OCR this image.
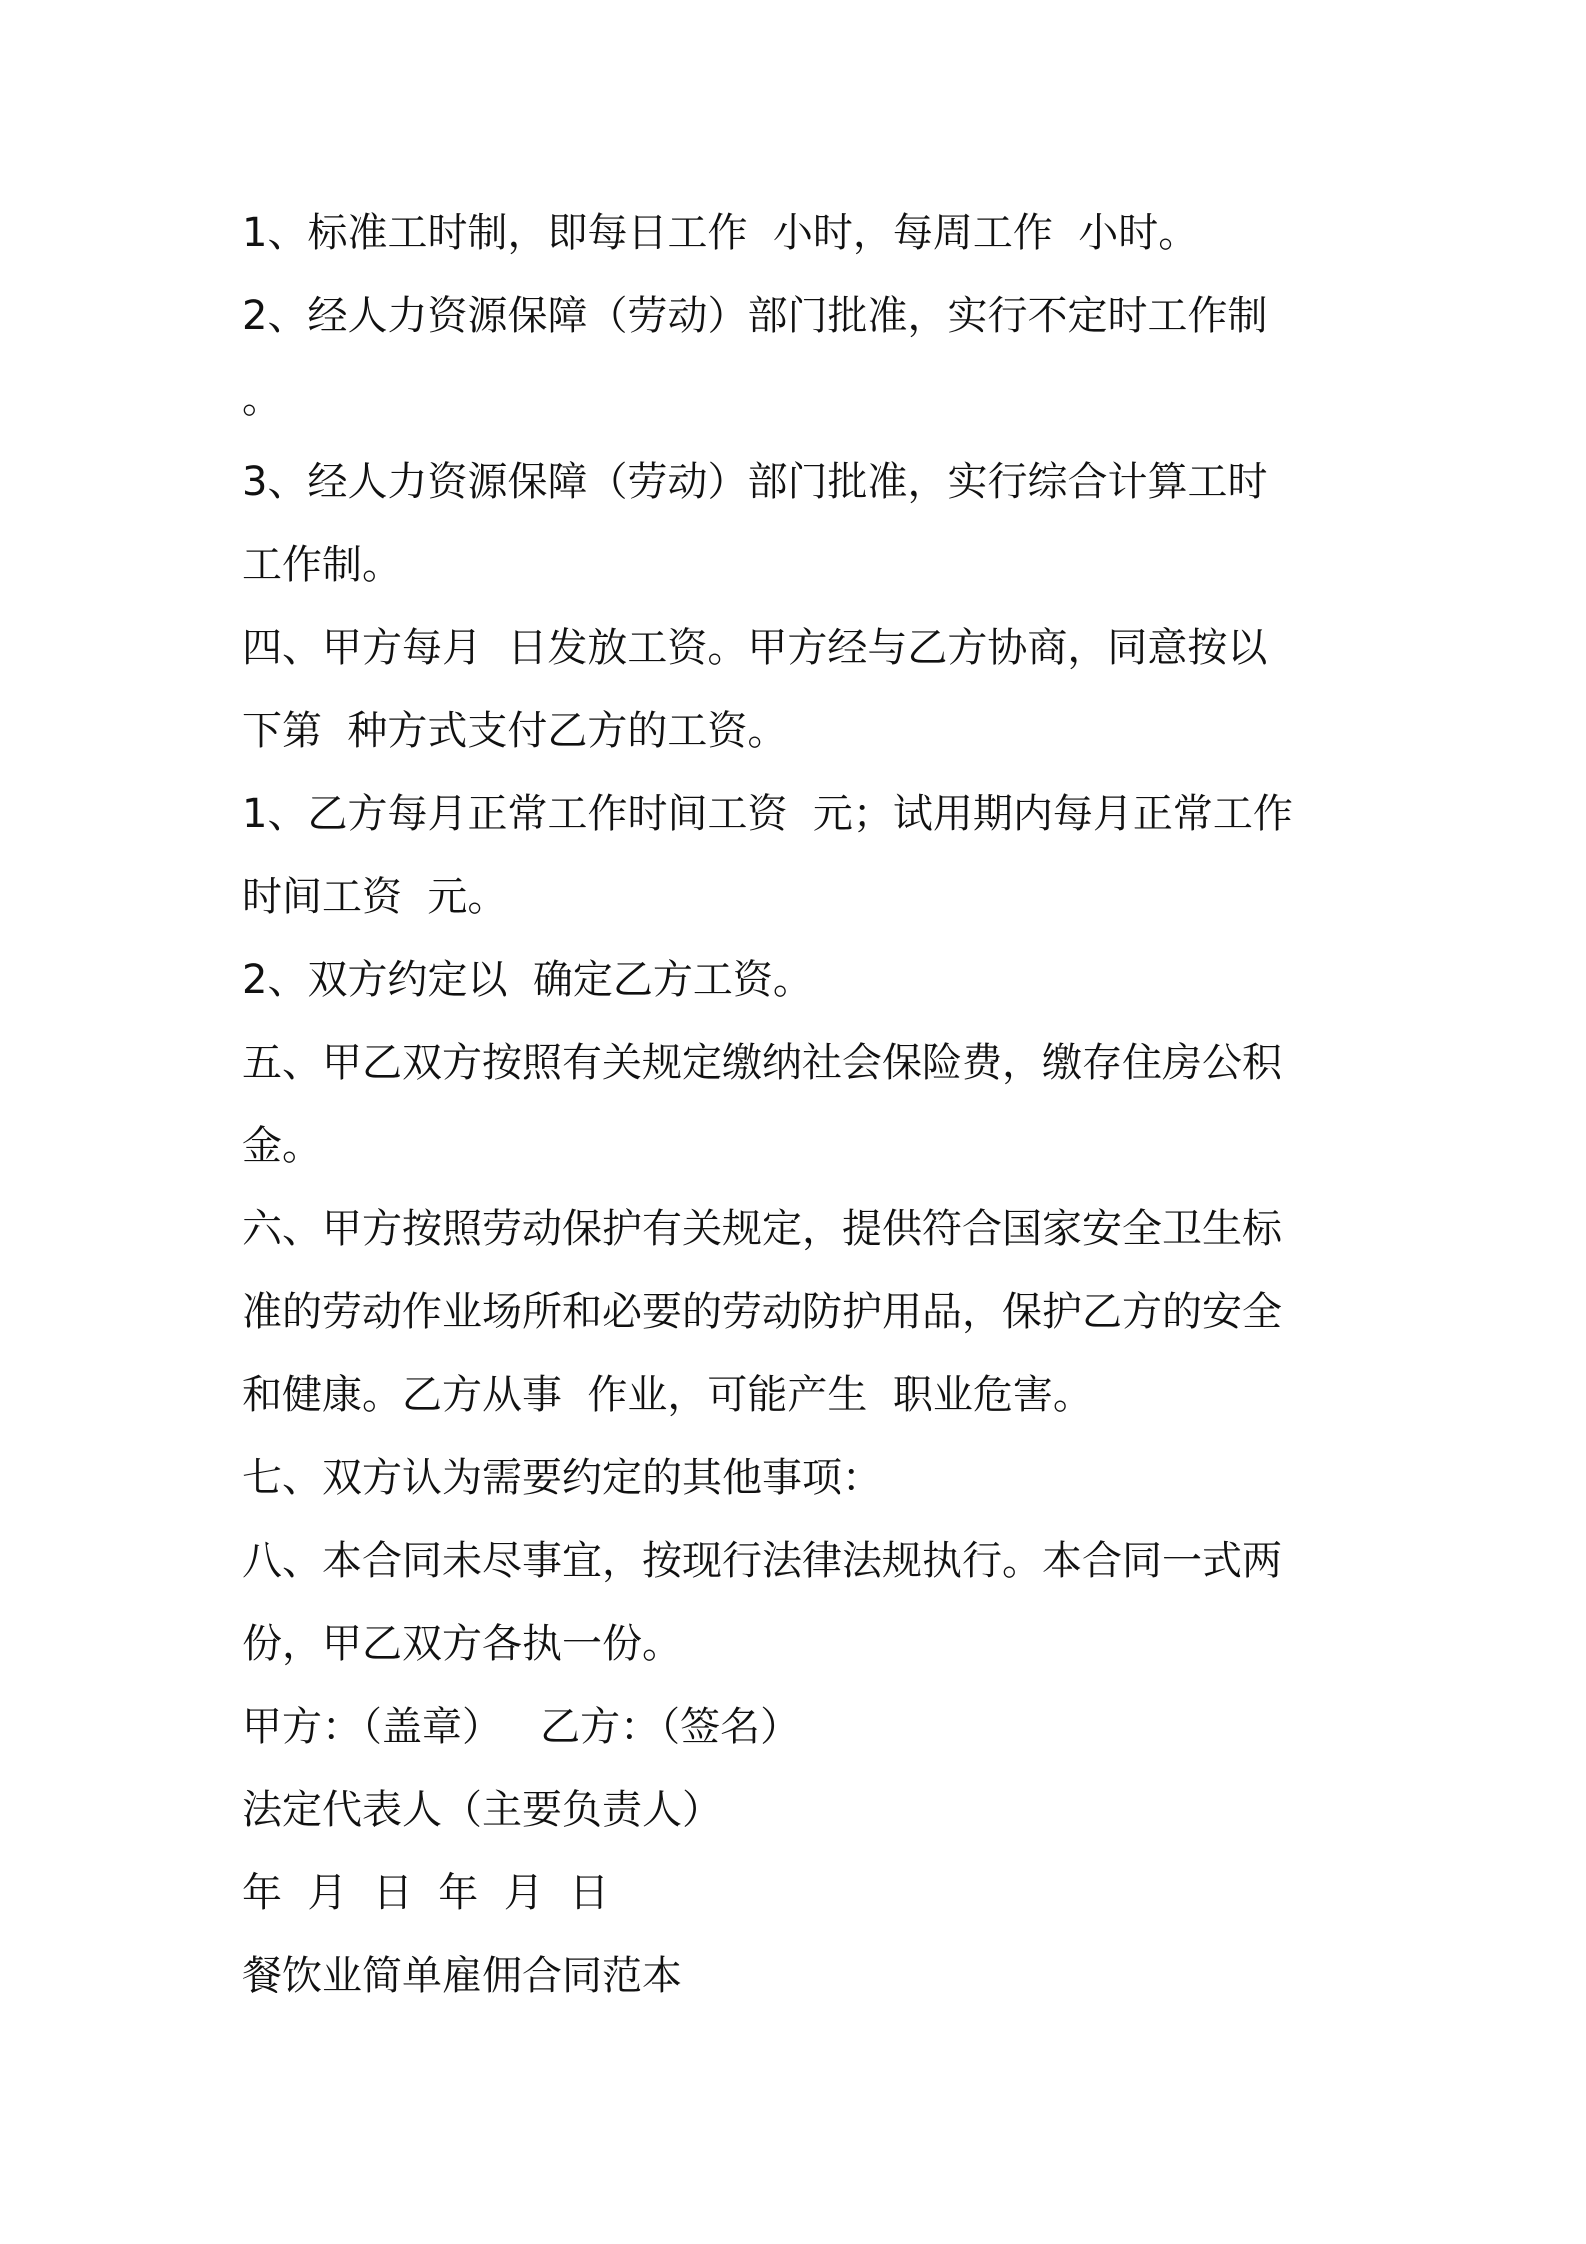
1、标准工时制，即每日工作  小时，每周工作  小时。

2、经人力资源保障（劳动）部门批准，实行不定时工作制

。

3、经人力资源保障（劳动）部门批准，实行综合计算工时

工作制。

四、甲方每月  日发放工资。甲方经与乙方协商，同意按以

下第  种方式支付乙方的工资。

1、乙方每月正常工作时间工资  元；试用期内每月正常工作

时间工资  元。

2、双方约定以  确定乙方工资。

五、甲乙双方按照有关规定缴纳社会保险费，缴存住房公积

金。

六、甲方按照劳动保护有关规定，提供符合国家安全卫生标

准的劳动作业场所和必要的劳动防护用品，保护乙方的安全

和健康。乙方从事  作业，可能产生  职业危害。

七、双方认为需要约定的其他事项：

八、本合同未尽事宜，按现行法律法规执行。本合同一式两

份，甲乙双方各执一份。

甲方：（盖章）   乙方：（签名）

法定代表人（主要负责人）

年  月  日  年  月  日

餐饮业简单雇佣合同范本
